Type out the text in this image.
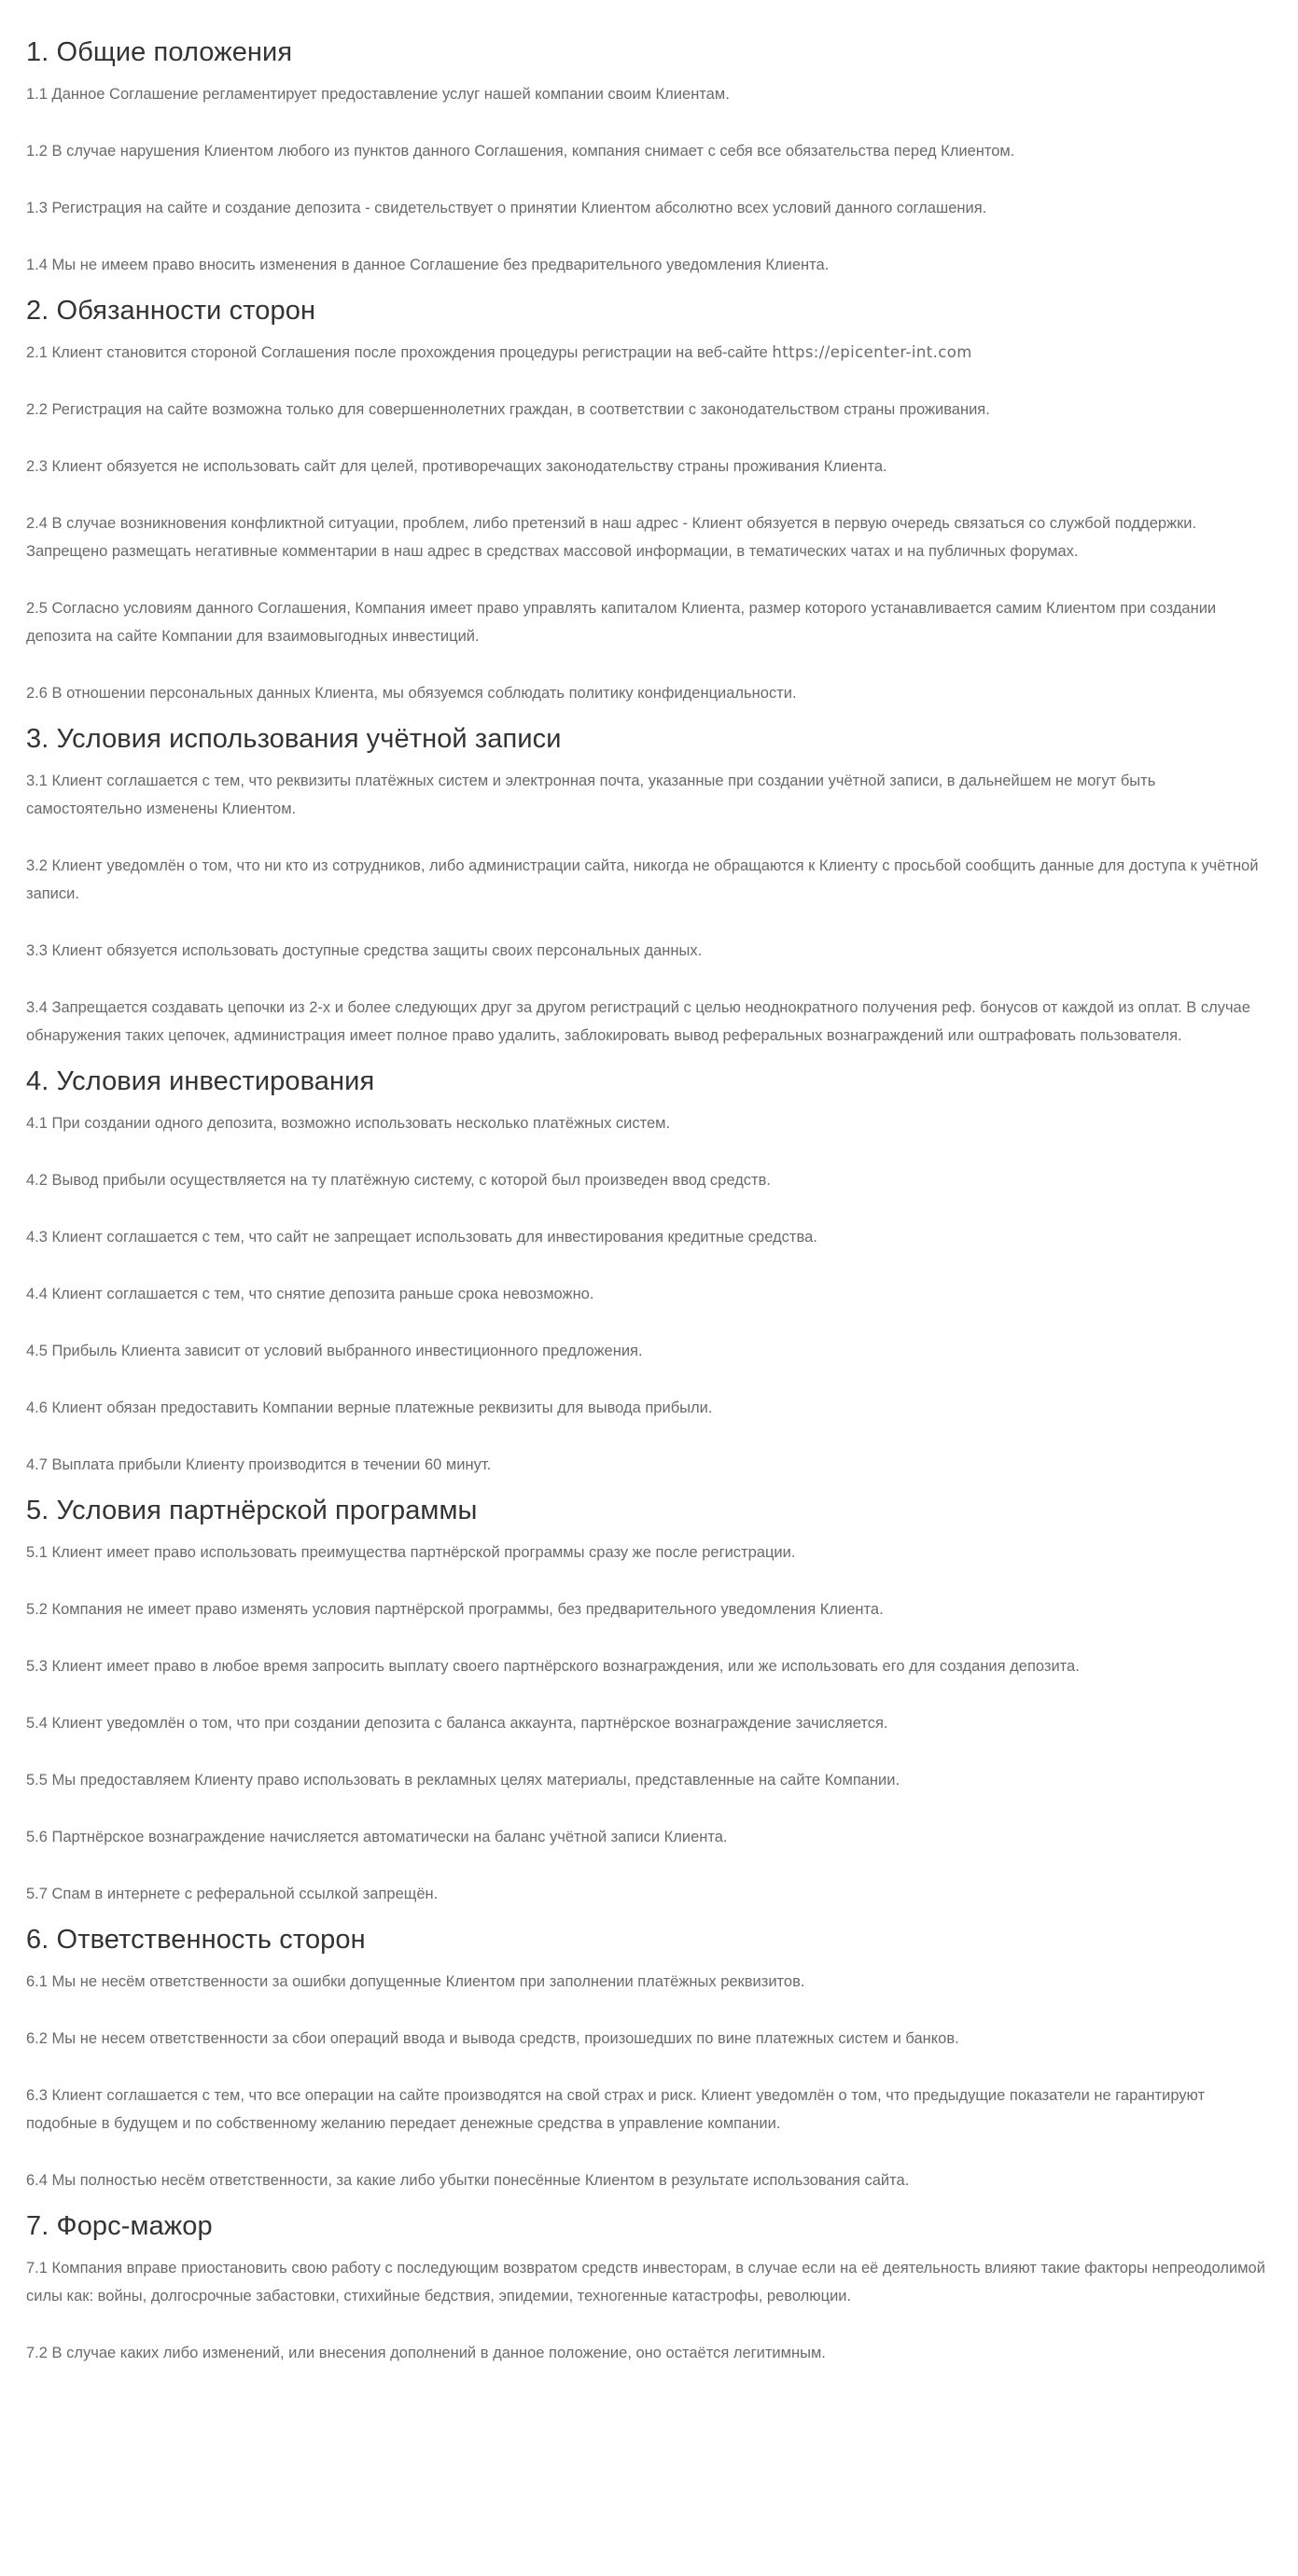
1. Общие положения

1.1 Данное Соглашение регламентирует предоставление услуг нашей компании своим Клиентам.

1.2 В случае нарушения Клиентом любого из пунктов данного Соглашения, компания снимает с себя все обязательства перед Клиентом.

1.3 Регистрация на сайте и создание депозита - свидетельствует о принятии Клиентом абсолютно всех условий данного соглашения.

1.4 Мы не имеем право вносить изменения в данное Соглашение без предварительного уведомления Клиента.

2. Обязанности сторон

2.1 Клиент становится стороной Соглашения после прохождения процедуры регистрации на веб-сайте https://epicenter-int.com

2.2 Регистрация на сайте возможна только для совершеннолетних граждан, в соответствии с законодательством страны проживания.

2.3 Клиент обязуется не использовать сайт для целей, противоречащих законодательству страны проживания Клиента.

2.4 В случае возникновения конфликтной ситуации, проблем, либо претензий в наш адрес - Клиент обязуется в первую очередь связаться со службой поддержки. Запрещено размещать негативные комментарии в наш адрес в средствах массовой информации, в тематических чатах и на публичных форумах.

2.5 Согласно условиям данного Соглашения, Компания имеет право управлять капиталом Клиента, размер которого устанавливается самим Клиентом при создании депозита на сайте Компании для взаимовыгодных инвестиций.

2.6 В отношении персональных данных Клиента, мы обязуемся соблюдать политику конфиденциальности.

3. Условия использования учётной записи

3.1 Клиент соглашается с тем, что реквизиты платёжных систем и электронная почта, указанные при создании учётной записи, в дальнейшем не могут быть самостоятельно изменены Клиентом.

3.2 Клиент уведомлён о том, что ни кто из сотрудников, либо администрации сайта, никогда не обращаются к Клиенту с просьбой сообщить данные для доступа к учётной записи.

3.3 Клиент обязуется использовать доступные средства защиты своих персональных данных.

3.4 Запрещается создавать цепочки из 2-х и более следующих друг за другом регистраций с целью неоднократного получения реф. бонусов от каждой из оплат. В случае обнаружения таких цепочек, администрация имеет полное право удалить, заблокировать вывод реферальных вознаграждений или оштрафовать пользователя.

4. Условия инвестирования

4.1 При создании одного депозита, возможно использовать несколько платёжных систем.

4.2 Вывод прибыли осуществляется на ту платёжную систему, с которой был произведен ввод средств.

4.3 Клиент соглашается с тем, что сайт не запрещает использовать для инвестирования кредитные средства.

4.4 Клиент соглашается с тем, что снятие депозита раньше срока невозможно.

4.5 Прибыль Клиента зависит от условий выбранного инвестиционного предложения.

4.6 Клиент обязан предоставить Компании верные платежные реквизиты для вывода прибыли.

4.7 Выплата прибыли Клиенту производится в течении 60 минут.

5. Условия партнёрской программы

5.1 Клиент имеет право использовать преимущества партнёрской программы сразу же после регистрации.

5.2 Компания не имеет право изменять условия партнёрской программы, без предварительного уведомления Клиента.

5.3 Клиент имеет право в любое время запросить выплату своего партнёрского вознаграждения, или же использовать его для создания депозита.

5.4 Клиент уведомлён о том, что при создании депозита с баланса аккаунта, партнёрское вознаграждение зачисляется.

5.5 Мы предоставляем Клиенту право использовать в рекламных целях материалы, представленные на сайте Компании.

5.6 Партнёрское вознаграждение начисляется автоматически на баланс учётной записи Клиента.

5.7 Спам в интернете с реферальной ссылкой запрещён.

6. Ответственность сторон

6.1 Мы не несём ответственности за ошибки допущенные Клиентом при заполнении платёжных реквизитов.

6.2 Мы не несем ответственности за сбои операций ввода и вывода средств, произошедших по вине платежных систем и банков.

6.3 Клиент соглашается с тем, что все операции на сайте производятся на свой страх и риск. Клиент уведомлён о том, что предыдущие показатели не гарантируют подобные в будущем и по собственному желанию передает денежные средства в управление компании.

6.4 Мы полностью несём ответственности, за какие либо убытки понесённые Клиентом в результате использования сайта.

7. Форс-мажор

7.1 Компания вправе приостановить свою работу с последующим возвратом средств инвесторам, в случае если на её деятельность влияют такие факторы непреодолимой силы как: войны, долгосрочные забастовки, стихийные бедствия, эпидемии, техногенные катастрофы, революции.

7.2 В случае каких либо изменений, или внесения дополнений в данное положение, оно остаётся легитимным.
